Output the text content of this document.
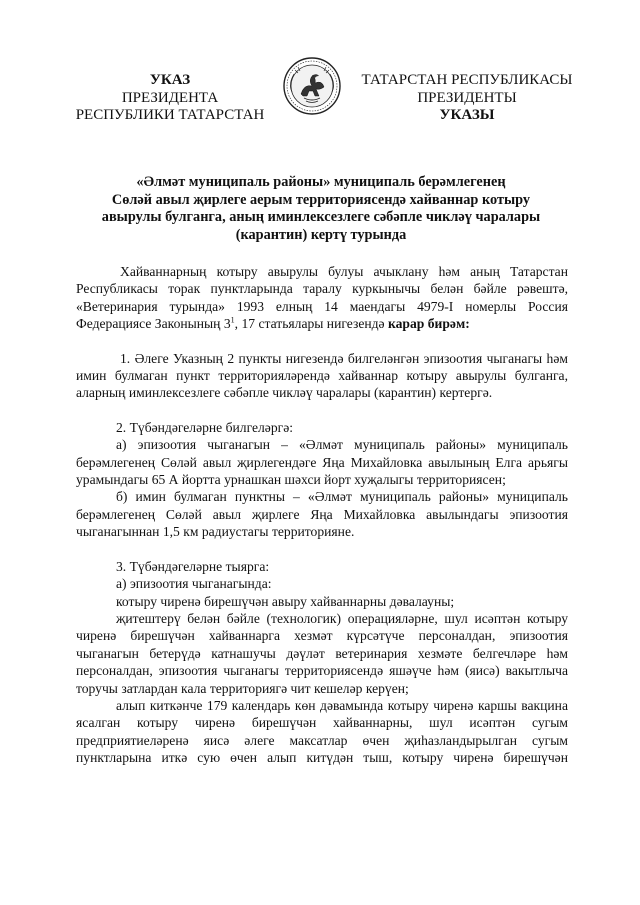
УКАЗ
ПРЕЗИДЕНТА
РЕСПУБЛИКИ ТАТАРСТАН
ТАТАРСТАН РЕСПУБЛИКАСЫ
ПРЕЗИДЕНТЫ
УКАЗЫ
«Әлмәт муниципаль районы» муниципаль берәмлегенең
Сөләй авыл җирлеге аерым территориясендә хайваннар котыру
авырулы булганга, аның иминлексезлеге сәбәпле чикләү чаралары
(карантин) кертү турында

Хайваннарның котыру авырулы булуы ачыклану һәм аның Татарстан Республикасы торак пунктларында таралу куркынычы белән бәйле рәвештә, «Ветеринария турында» 1993 елның 14 маендагы 4979-I номерлы Россия Федерациясе Законының $3^1$, 17 статьялары нигезендә карар бирәм:

1. Әлеге Указның 2 пункты нигезендә билгеләнгән эпизоотия чыганагы һәм имин булмаган пункт территорияләрендә хайваннар котыру авырулы булганга, аларның иминлексезлеге сәбәпле чикләү чаралары (карантин) кертергә.

2. Түбәндәгеләрне билгеләргә:

а) эпизоотия чыганагын – «Әлмәт муниципаль районы» муниципаль берәмлегенең Сөләй авыл җирлегендәге Яңа Михайловка авылының Елга арьягы урамындагы 65 А йортта урнашкан шәхси йорт хуҗалыгы территориясен;

б) имин булмаган пунктны – «Әлмәт муниципаль районы» муниципаль берәмлегенең Сөләй авыл җирлеге Яңа Михайловка авылындагы эпизоотия чыганагыннан 1,5 км радиустагы территорияне.

3. Түбәндәгеләрне тыярга:

а) эпизоотия чыганагында:

котыру чиренә бирешүчән авыру хайваннарны дәвалауны;

җитештерү белән бәйле (технологик) операцияләрне, шул исәптән котыру чиренә бирешүчән хайваннарга хезмәт күрсәтүче персоналдан, эпизоотия чыганагын бетерүдә катнашучы дәүләт ветеринария хезмәте белгечләре һәм персоналдан, эпизоотия чыганагы территориясендә яшәүче һәм (яисә) вакытлыча торучы затлардан кала территориягә чит кешеләр керүен;

алып киткәнче 179 календарь көн дәвамында котыру чиренә каршы вакцина ясалган котыру чиренә бирешүчән хайваннарны, шул исәптән сугым предприятиеләренә яисә әлеге максатлар өчен җиһазландырылган сугым пунктларына иткә сую өчен алып китүдән тыш, котыру чиренә бирешүчән
